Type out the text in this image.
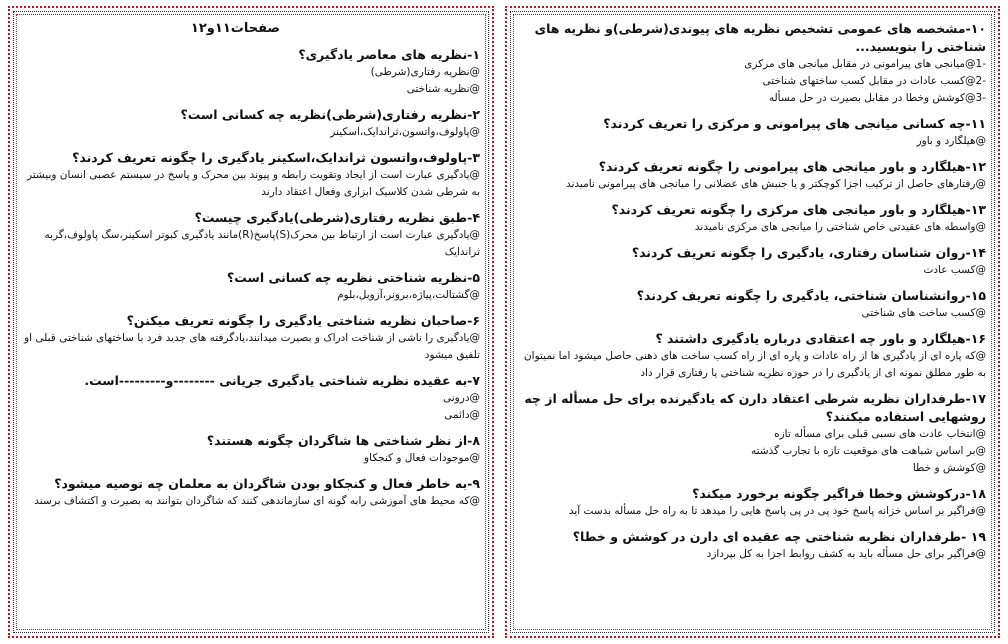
صفحات۱۱و۱۲
۱-نظریه های معاصر یادگیری؟
@نظریه رفتاری(شرطی)
@نظریه شناختی
۲-نظریه رفتاری(شرطی)نظریه چه کسانی است؟
@پاولوف،واتسون،ثراندایک،اسکینر
۳-پاولوف،واتسون ثراندایک،اسکینر یادگیری را چگونه تعریف کردند؟
@یادگیری عبارت است از ایجاد وتقویت رابطه و پیوند بین محرک و پاسخ در سیستم عصبی انسان وبیشتر به شرطی شدن کلاسیک ابزاری وفعال اعتقاد دارند
۴-طبق نظریه رفتاری(شرطی)یادگیری چیست؟
@یادگیری عبارت است از ارتباط بین محرک(S)پاسخ(R)مانند یادگیری کبوتر اسکینر،سگ پاولوف،گربه ثراندایک
۵-نظریه شناختی نظریه چه کسانی است؟
@گشتالت،پیاژه،برونر،آزوبل،بلوم
۶-صاحبان نظریه شناختی یادگیری را چگونه تعریف میکنن؟
@یادگیری را ناشی از شناخت ادراک و بصیرت میدانند،یادگرفته های جدید فرد با ساختهای شناختی قبلی او تلفیق میشود
۷-به عقیده نظریه شناختی یادگیری جریانی --------و---------است.
@درونی
@دائمی
۸-از نظر شناختی ها شاگردان چگونه هستند؟
@موجودات فعال و کنجکاو
۹-به خاطر فعال و کنجکاو بودن شاگردان به معلمان چه توصیه میشود؟
@که محیط های آموزشی رابه گونه ای سازماندهی کنند که شاگردان بتوانند به بصیرت و اکتشاف برسند
۱۰-مشخصه های عمومی تشخیص نظریه های پیوندی(شرطی)و نظریه های شناختی را بنویسید...
-1@میانجی های پیرامونی در مقابل میانجی های مرکزی
-2@کسب عادات در مقابل کسب ساختهای شناختی
-3@کوشش وخطا در مقابل بصیرت در حل مسأله
۱۱-چه کسانی میانجی های پیرامونی و مرکزی را تعریف کردند؟
@هیلگارد و باور
۱۲-هیلگارد و باور میانجی های پیرامونی را چگونه تعریف کردند؟
@رفتارهای حاصل از ترکیب اجزا کوچکتر و یا جنبش های عضلانی را میانجی های پیرامونی نامیدند
۱۳-هیلگارد و باور میانجی های مرکزی را چگونه تعریف کردند؟
@واسطه های عقیدتی خاص شناختی را میانجی های مرکزی نامیدند
۱۴-روان شناسان رفتاری، یادگیری را چگونه تعریف کردند؟
@کسب عادت
۱۵-روانشناسان شناختی، یادگیری را چگونه تعریف کردند؟
@کسب ساخت های شناختی
۱۶-هیلگارد و باور چه اعتقادی درباره یادگیری داشتند ؟
@که پاره ای از یادگیری ها از راه عادات و پاره ای از راه کسب ساخت های ذهنی حاصل میشود اما نمیتوان به طور مطلق نمونه ای از یادگیری را در حوزه نظریه شناختی یا رفتاری قرار داد
۱۷-طرفداران نظریه شرطی اعتقاد دارن که یادگیرنده برای حل مسأله از چه روشهایی استفاده میکنند؟
@انتخاب عادت های نسبی قبلی برای مسأله تازه
@بر اساس شباهت های موقعیت تازه با تجارب گذشته
@کوشش و خطا
۱۸-درکوشش وخطا فراگیر چگونه برخورد میکند؟
@فراگیر بر اساس خزانه پاسخ خود پی در پی پاسخ هایی را میدهد تا به راه حل مسأله بدست آید
۱۹ -طرفداران نظریه شناختی چه عقیده ای دارن در کوشش و خطا؟
@فراگیر برای حل مسأله باید به کشف روابط اجزا به کل بپردازد
